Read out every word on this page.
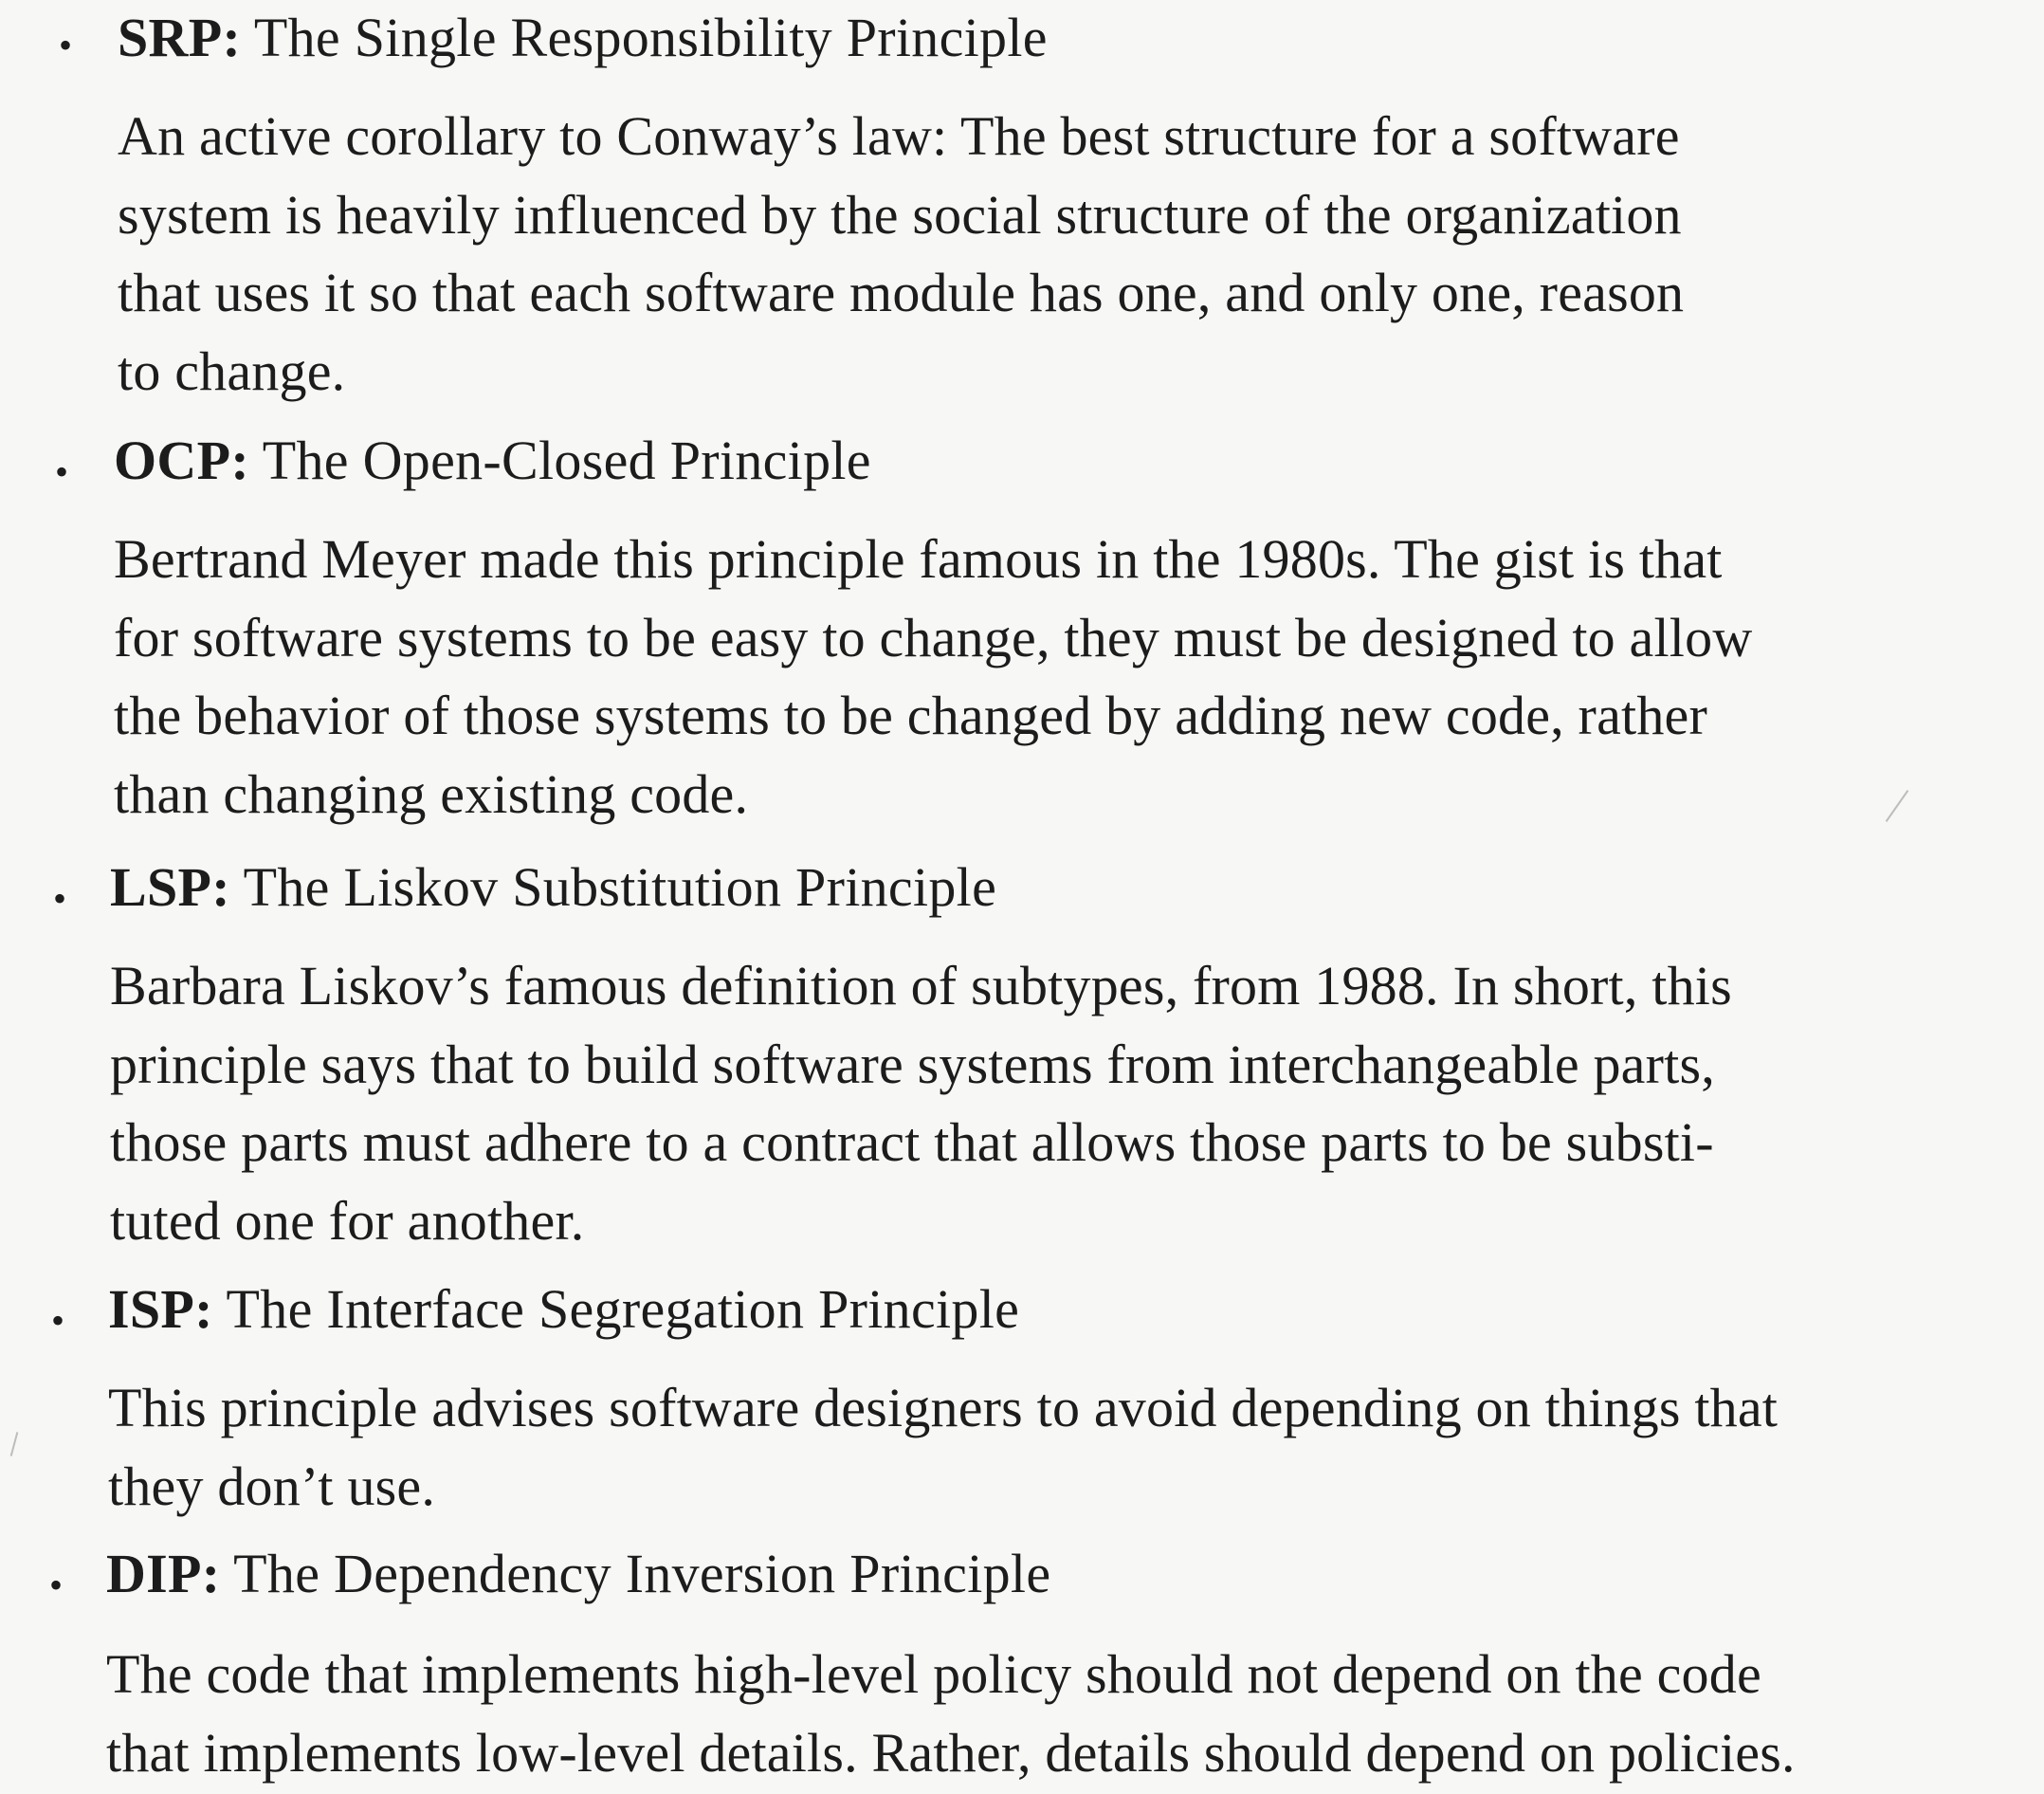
• SRP: The Single Responsibility Principle
An active corollary to Conway’s law: The best structure for a software
system is heavily influenced by the social structure of the organization
that uses it so that each software module has one, and only one, reason
to change.
• OCP: The Open-Closed Principle
Bertrand Meyer made this principle famous in the 1980s. The gist is that
for software systems to be easy to change, they must be designed to allow
the behavior of those systems to be changed by adding new code, rather
than changing existing code.
• LSP: The Liskov Substitution Principle
Barbara Liskov’s famous definition of subtypes, from 1988. In short, this
principle says that to build software systems from interchangeable parts,
those parts must adhere to a contract that allows those parts to be substi-
tuted one for another.
• ISP: The Interface Segregation Principle
This principle advises software designers to avoid depending on things that
they don’t use.
• DIP: The Dependency Inversion Principle
The code that implements high-level policy should not depend on the code
that implements low-level details. Rather, details should depend on policies.
